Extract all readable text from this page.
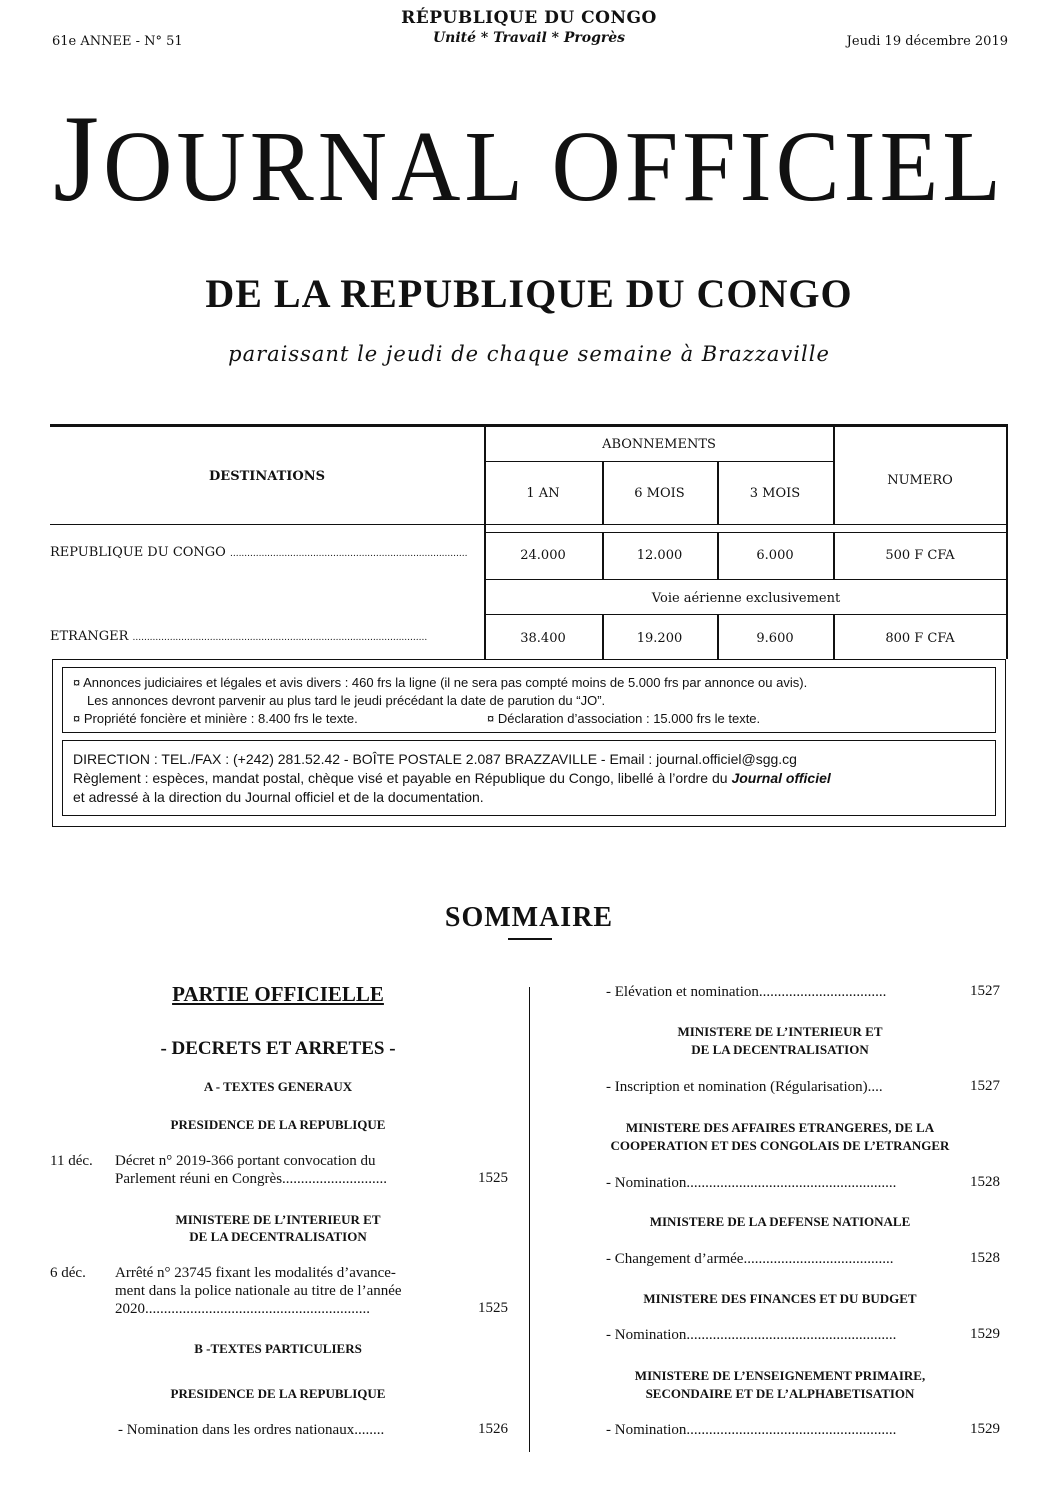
RÉPUBLIQUE DU CONGO
Unité * Travail * Progrès
61e ANNEE - N° 51	Jeudi 19 décembre 2019
JOURNAL OFFICIEL
DE LA REPUBLIQUE DU CONGO
paraissant le jeudi de chaque semaine à Brazzaville
DESTINATIONS
ABONNEMENTS
NUMERO
1 AN	6 MOIS	3 MOIS
REPUBLIQUE DU CONGO ...................................................................................	24.000	12.000	6.000	500 F CFA
Voie aérienne exclusivement
ETRANGER .......................................................................................................	38.400	19.200	9.600	800 F CFA
¤ Annonces judiciaires et légales et avis divers : 460 frs la ligne (il ne sera pas compté moins de 5.000 frs par annonce ou avis).
Les annonces devront parvenir au plus tard le jeudi précédant la date de parution du “JO”.
¤ Propriété foncière et minière : 8.400 frs le texte.	¤ Déclaration d’association : 15.000 frs le texte.
DIRECTION : TEL./FAX : (+242) 281.52.42 - BOÎTE POSTALE 2.087 BRAZZAVILLE - Email : journal.officiel@sgg.cg
Règlement : espèces, mandat postal, chèque visé et payable en République du Congo, libellé à l’ordre du Journal officiel
et adressé à la direction du Journal officiel et de la documentation.
SOMMAIRE
PARTIE OFFICIELLE
- DECRETS ET ARRETES -
A - TEXTES GENERAUX
PRESIDENCE DE LA REPUBLIQUE
11 déc. Décret n° 2019-366 portant convocation du
Parlement réuni en Congrès............................	1525
MINISTERE DE L’INTERIEUR ET
DE LA DECENTRALISATION
6 déc. Arrêté n° 23745 fixant les modalités d’avance-
ment dans la police nationale au titre de l’année
2020............................................................	1525
B -TEXTES PARTICULIERS
PRESIDENCE DE LA REPUBLIQUE
- Nomination dans les ordres nationaux........	1526
- Elévation et nomination..................................	1527
MINISTERE DE L’INTERIEUR ET
DE LA DECENTRALISATION
- Inscription et nomination (Régularisation)....	1527
MINISTERE DES AFFAIRES ETRANGERES, DE LA
COOPERATION ET DES CONGOLAIS DE L’ETRANGER
- Nomination........................................................	1528
MINISTERE DE LA DEFENSE NATIONALE
- Changement d’armée........................................	1528
MINISTERE DES FINANCES ET DU BUDGET
- Nomination........................................................	1529
MINISTERE DE L’ENSEIGNEMENT PRIMAIRE,
SECONDAIRE ET DE L’ALPHABETISATION
- Nomination........................................................	1529
